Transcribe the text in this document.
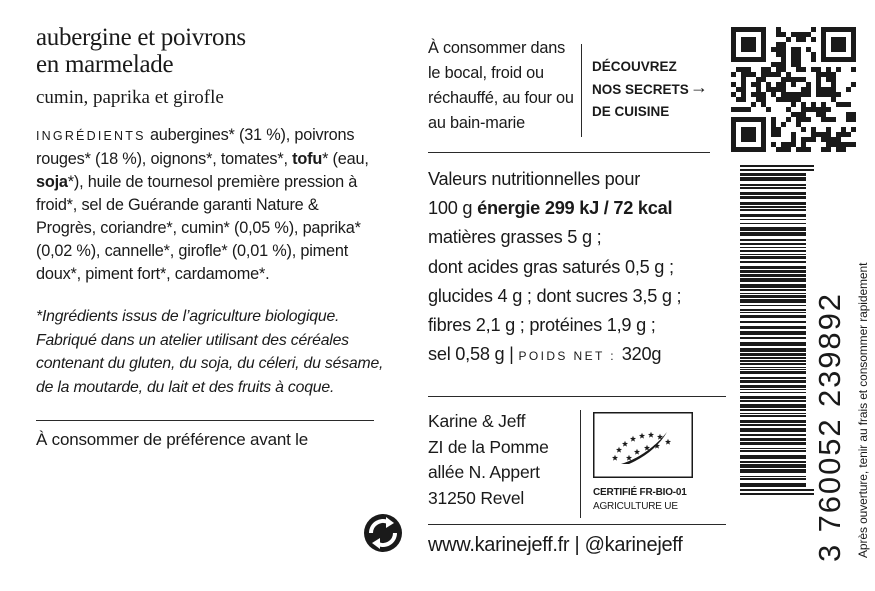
aubergine et poivrons
en marmelade
cumin, paprika et girofle
INGRÉDIENTS aubergines* (31 %), poivrons rouges* (18 %), oignons*, tomates*, tofu* (eau, soja*), huile de tournesol première pression à froid*, sel de Guérande garanti Nature & Progrès, coriandre*, cumin* (0,05 %), paprika* (0,02 %), cannelle*, girofle* (0,01 %), piment doux*, piment fort*, cardamome*.
*Ingrédients issus de l’agriculture biologique. Fabriqué dans un atelier utilisant des céréales contenant du gluten, du soja, du céleri, du sésame, de la moutarde, du lait et des fruits à coque.
À consommer de préférence avant le
À consommer dans le bocal, froid ou réchauffé, au four ou au bain-marie
DÉCOUVREZ
NOS SECRETS
DE CUISINE
→
Valeurs nutritionnelles pour
100 g énergie 299 kJ / 72 kcal
matières grasses 5 g ;
dont acides gras saturés 0,5 g ;
glucides 4 g ; dont sucres 3,5 g ;
fibres 2,1 g ; protéines 1,9 g ;
sel 0,58 g | POIDS NET : 320g
Karine & Jeff
ZI de la Pomme
allée N. Appert
31250 Revel	CERTIFIÉ FR-BIO-01
AGRICULTURE UE
www.karinejeff.fr | @karinejeff	3 760052 239892 Après ouverture, tenir au frais et consommer rapidement
